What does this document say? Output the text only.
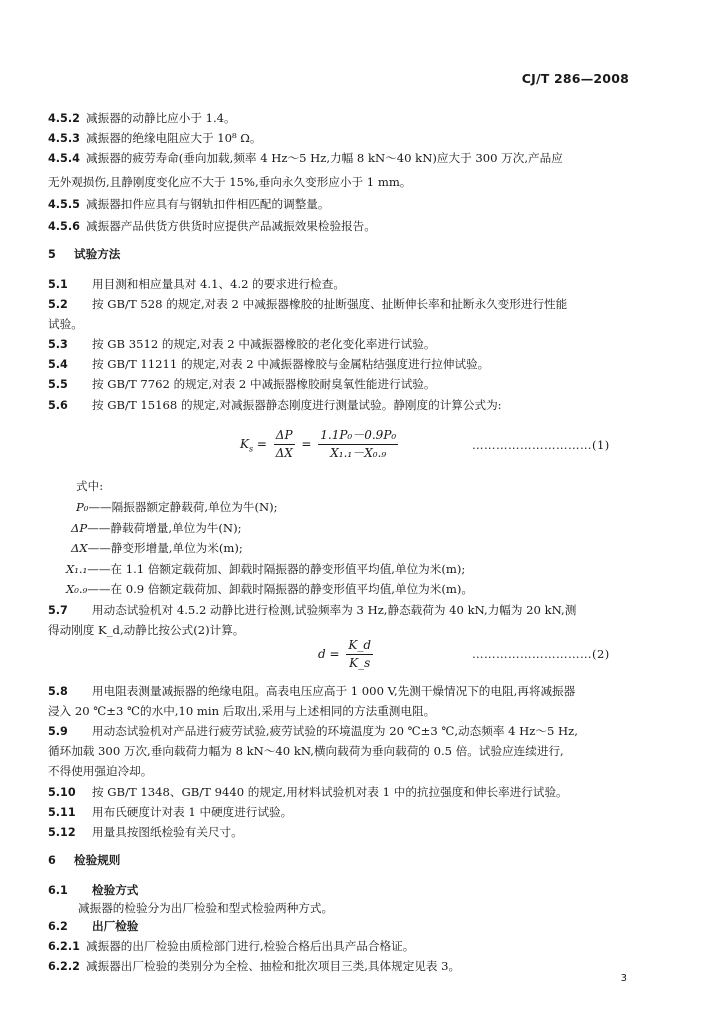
CJ/T 286—2008
4.5.2 减振器的动静比应小于 1.4。
4.5.3 减振器的绝缘电阻应大于 10⁸ Ω。
4.5.4 减振器的疲劳寿命(垂向加载,频率 4 Hz～5 Hz,力幅 8 kN～40 kN)应大于 300 万次,产品应
无外观损伤,且静刚度变化应不大于 15%,垂向永久变形应小于 1 mm。
4.5.5 减振器扣件应具有与钢轨扣件相匹配的调整量。
4.5.6 减振器产品供货方供货时应提供产品减振效果检验报告。
5 试验方法
5.1 用目测和相应量具对 4.1、4.2 的要求进行检查。
5.2 按 GB/T 528 的规定,对表 2 中减振器橡胶的扯断强度、扯断伸长率和扯断永久变形进行性能
试验。
5.3 按 GB 3512 的规定,对表 2 中减振器橡胶的老化变化率进行试验。
5.4 按 GB/T 11211 的规定,对表 2 中减振器橡胶与金属粘结强度进行拉伸试验。
5.5 按 GB/T 7762 的规定,对表 2 中减振器橡胶耐臭氧性能进行试验。
5.6 按 GB/T 15168 的规定,对减振器静态刚度进行测量试验。静刚度的计算公式为:
$K_s = \frac{\Delta P}{\Delta X} = \frac{\text{1.1P₀－0.9P₀}}{\text{X₁.₁－X₀.₉}}$	…………………………(1)
式中:
P₀——隔振器额定静载荷,单位为牛(N);
ΔP——静载荷增量,单位为牛(N);
ΔX——静变形增量,单位为米(m);
X₁.₁——在 1.1 倍额定载荷加、卸载时隔振器的静变形值平均值,单位为米(m);
X₀.₉——在 0.9 倍额定载荷加、卸载时隔振器的静变形值平均值,单位为米(m)。
5.7 用动态试验机对 4.5.2 动静比进行检测,试验频率为 3 Hz,静态载荷为 40 kN,力幅为 20 kN,测
得动刚度 K_d,动静比按公式(2)计算。
$d = \frac{K\_d}{K\_s}$	…………………………(2)
5.8 用电阻表测量减振器的绝缘电阻。高表电压应高于 1 000 V,先测干燥情况下的电阻,再将减振器
浸入 20 ℃±3 ℃的水中,10 min 后取出,采用与上述相同的方法重测电阻。
5.9 用动态试验机对产品进行疲劳试验,疲劳试验的环境温度为 20 ℃±3 ℃,动态频率 4 Hz～5 Hz,
循环加载 300 万次,垂向载荷力幅为 8 kN～40 kN,横向载荷为垂向载荷的 0.5 倍。试验应连续进行,
不得使用强迫冷却。
5.10 按 GB/T 1348、GB/T 9440 的规定,用材料试验机对表 1 中的抗拉强度和伸长率进行试验。
5.11 用布氏硬度计对表 1 中硬度进行试验。
5.12 用量具按图纸检验有关尺寸。
6 检验规则
6.1 检验方式
减振器的检验分为出厂检验和型式检验两种方式。
6.2 出厂检验
6.2.1 减振器的出厂检验由质检部门进行,检验合格后出具产品合格证。
6.2.2 减振器出厂检验的类别分为全检、抽检和批次项目三类,具体规定见表 3。
3
